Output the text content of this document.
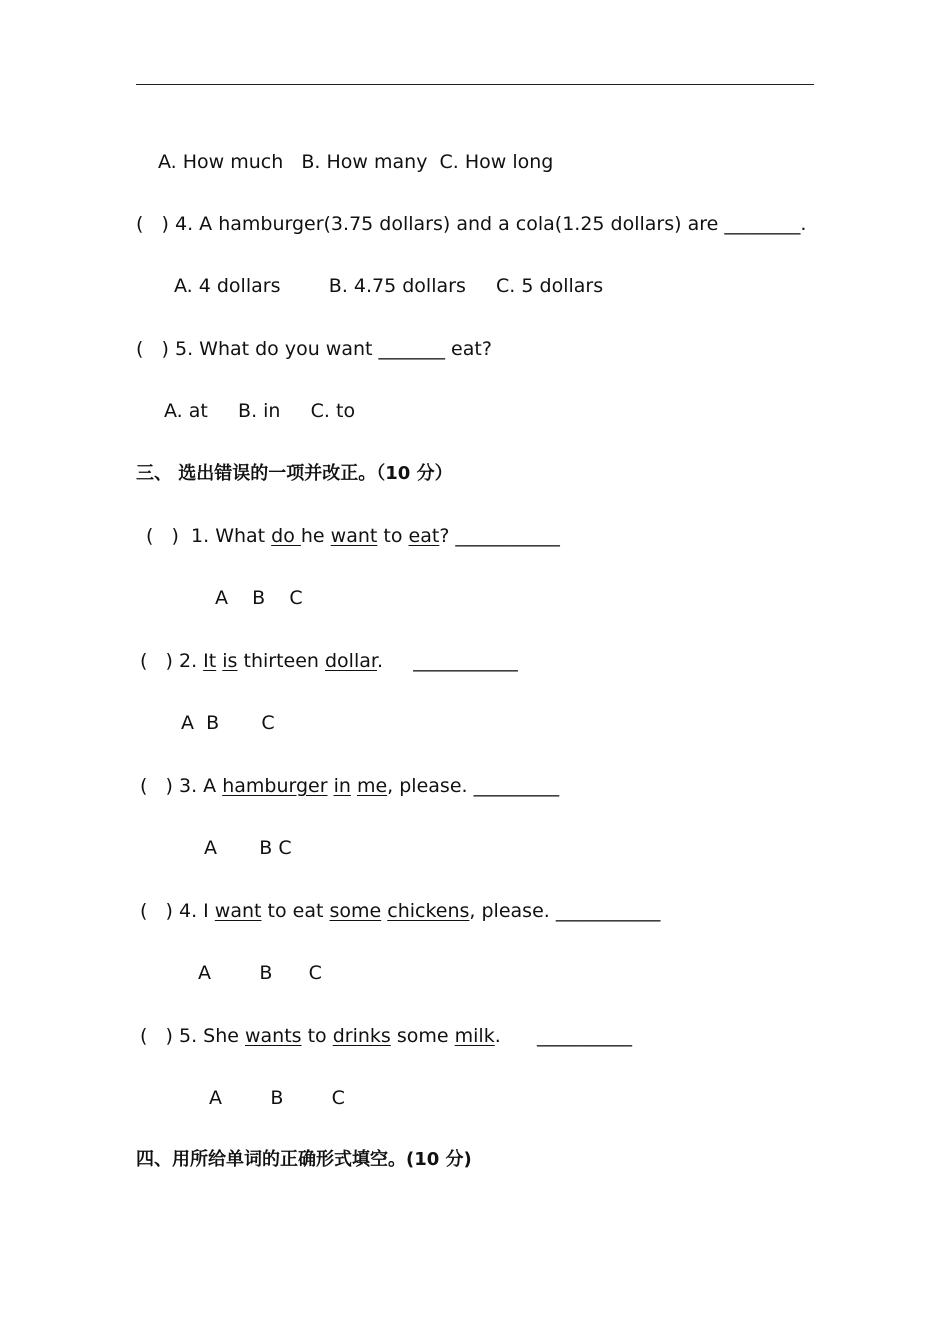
A. How much   B. How many  C. How long
(   ) 4. A hamburger(3.75 dollars) and a cola(1.25 dollars) are ________.
A. 4 dollars        B. 4.75 dollars     C. 5 dollars
(   ) 5. What do you want _______ eat?
A. at     B. in     C. to
三、 选出错误的一项并改正。（10 分）
(   )  1. What do he want to eat? ___________
A    B    C
(   ) 2. It is thirteen dollar.     ___________
A  B       C
(   ) 3. A hamburger in me, please. _________
A       B C
(   ) 4. I want to eat some chickens, please. ___________
A        B      C
(   ) 5. She wants to drinks some milk.      __________
A        B        C
四、用所给单词的正确形式填空。(10 分)
